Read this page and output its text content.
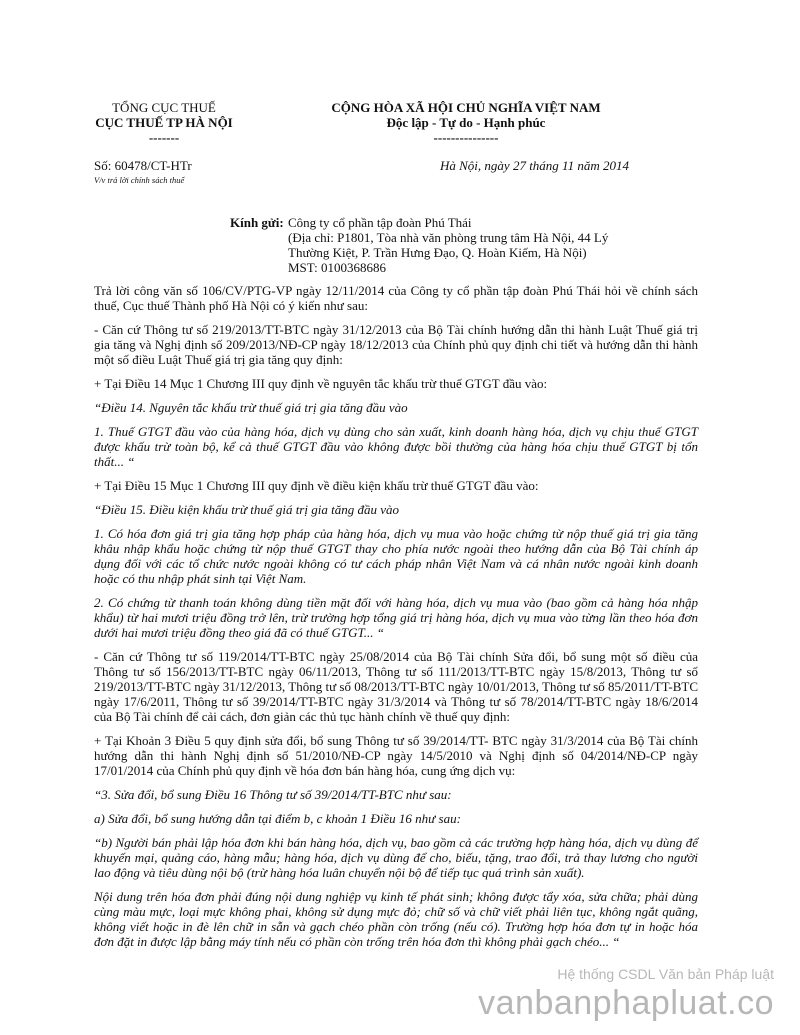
TỔNG CỤC THUẾ
CỤC THUẾ TP HÀ NỘI
-------
CỘNG HÒA XÃ HỘI CHỦ NGHĨA VIỆT NAM
Độc lập - Tự do - Hạnh phúc
---------------
Số: 60478/CT-HTr
V/v trả lời chính sách thuế
Hà Nội, ngày 27 tháng 11 năm 2014
Kính gửi: Công ty cổ phần tập đoàn Phú Thái
(Địa chỉ: P1801, Tòa nhà văn phòng trung tâm Hà Nội, 44 Lý
Thường Kiệt, P. Trần Hưng Đạo, Q. Hoàn Kiếm, Hà Nội)
MST: 0100368686

Trả lời công văn số 106/CV/PTG-VP ngày 12/11/2014 của Công ty cổ phần tập đoàn Phú Thái hỏi về chính sách thuế, Cục thuế Thành phố Hà Nội có ý kiến như sau:

- Căn cứ Thông tư số 219/2013/TT-BTC ngày 31/12/2013 của Bộ Tài chính hướng dẫn thi hành Luật Thuế giá trị gia tăng và Nghị định số 209/2013/NĐ-CP ngày 18/12/2013 của Chính phủ quy định chi tiết và hướng dẫn thi hành một số điều Luật Thuế giá trị gia tăng quy định:

+ Tại Điều 14 Mục 1 Chương III quy định về nguyên tắc khấu trừ thuế GTGT đầu vào:

“Điều 14. Nguyên tắc khấu trừ thuế giá trị gia tăng đầu vào

1. Thuế GTGT đầu vào của hàng hóa, dịch vụ dùng cho sản xuất, kinh doanh hàng hóa, dịch vụ chịu thuế GTGT được khấu trừ toàn bộ, kể cả thuế GTGT đầu vào không được bồi thường của hàng hóa chịu thuế GTGT bị tổn thất... “

+ Tại Điều 15 Mục 1 Chương III quy định về điều kiện khấu trừ thuế GTGT đầu vào:

“Điều 15. Điều kiện khấu trừ thuế giá trị gia tăng đầu vào

1. Có hóa đơn giá trị gia tăng hợp pháp của hàng hóa, dịch vụ mua vào hoặc chứng từ nộp thuế giá trị gia tăng khâu nhập khẩu hoặc chứng từ nộp thuế GTGT thay cho phía nước ngoài theo hướng dẫn của Bộ Tài chính áp dụng đối với các tổ chức nước ngoài không có tư cách pháp nhân Việt Nam và cá nhân nước ngoài kinh doanh hoặc có thu nhập phát sinh tại Việt Nam.

2. Có chứng từ thanh toán không dùng tiền mặt đối với hàng hóa, dịch vụ mua vào (bao gồm cả hàng hóa nhập khẩu) từ hai mươi triệu đồng trở lên, trừ trường hợp tổng giá trị hàng hóa, dịch vụ mua vào từng lần theo hóa đơn dưới hai mươi triệu đồng theo giá đã có thuế GTGT... “

- Căn cứ Thông tư số 119/2014/TT-BTC ngày 25/08/2014 của Bộ Tài chính Sửa đổi, bổ sung một số điều của Thông tư số 156/2013/TT-BTC ngày 06/11/2013, Thông tư số 111/2013/TT-BTC ngày 15/8/2013, Thông tư số 219/2013/TT-BTC ngày 31/12/2013, Thông tư số 08/2013/TT-BTC ngày 10/01/2013, Thông tư số 85/2011/TT-BTC ngày 17/6/2011, Thông tư số 39/2014/TT-BTC ngày 31/3/2014 và Thông tư số 78/2014/TT-BTC ngày 18/6/2014 của Bộ Tài chính để cải cách, đơn giản các thủ tục hành chính về thuế quy định:

+ Tại Khoản 3 Điều 5 quy định sửa đổi, bổ sung Thông tư số 39/2014/TT- BTC ngày 31/3/2014 của Bộ Tài chính hướng dẫn thi hành Nghị định số 51/2010/NĐ-CP ngày 14/5/2010 và Nghị định số 04/2014/NĐ-CP ngày 17/01/2014 của Chính phủ quy định về hóa đơn bán hàng hóa, cung ứng dịch vụ:

“3. Sửa đổi, bổ sung Điều 16 Thông tư số 39/2014/TT-BTC như sau:

a) Sửa đổi, bổ sung hướng dẫn tại điểm b, c khoản 1 Điều 16 như sau:

“b) Người bán phải lập hóa đơn khi bán hàng hóa, dịch vụ, bao gồm cả các trường hợp hàng hóa, dịch vụ dùng để khuyến mại, quảng cáo, hàng mẫu; hàng hóa, dịch vụ dùng để cho, biếu, tặng, trao đổi, trả thay lương cho người lao động và tiêu dùng nội bộ (trừ hàng hóa luân chuyển nội bộ để tiếp tục quá trình sản xuất).

Nội dung trên hóa đơn phải đúng nội dung nghiệp vụ kinh tế phát sinh; không được tẩy xóa, sửa chữa; phải dùng cùng màu mực, loại mực không phai, không sử dụng mực đỏ; chữ số và chữ viết phải liên tục, không ngắt quãng, không viết hoặc in đè lên chữ in sẵn và gạch chéo phần còn trống (nếu có). Trường hợp hóa đơn tự in hoặc hóa đơn đặt in được lập bằng máy tính nếu có phần còn trống trên hóa đơn thì không phải gạch chéo... “

Hệ thống CSDL Văn bản Pháp luật
vanbanphapluat.co
